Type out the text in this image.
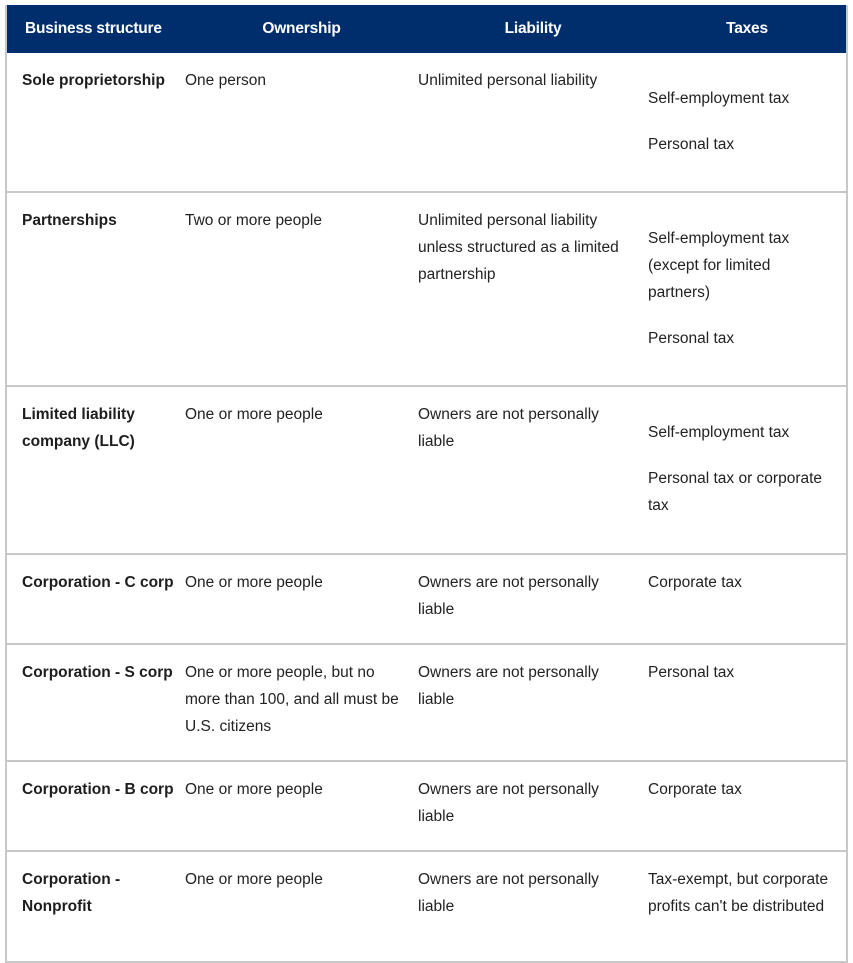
Business structure	Ownership	Liability	Taxes
Sole proprietorship	One person	Unlimited personal liability	Self-employment tax
Personal tax

Partnerships	Two or more people	Unlimited personal liability unless structured as a limited partnership	Self-employment tax (except for limited partners)
Personal tax

Limited liability company (LLC)	One or more people	Owners are not personally liable	Self-employment tax
Personal tax or corporate tax

Corporation - C corp	One or more people	Owners are not personally liable	Corporate tax

Corporation - S corp	One or more people, but no more than 100, and all must be U.S. citizens	Owners are not personally liable	Personal tax

Corporation - B corp	One or more people	Owners are not personally liable	Corporate tax

Corporation - Nonprofit	One or more people	Owners are not personally liable	Tax-exempt, but corporate profits can't be distributed
